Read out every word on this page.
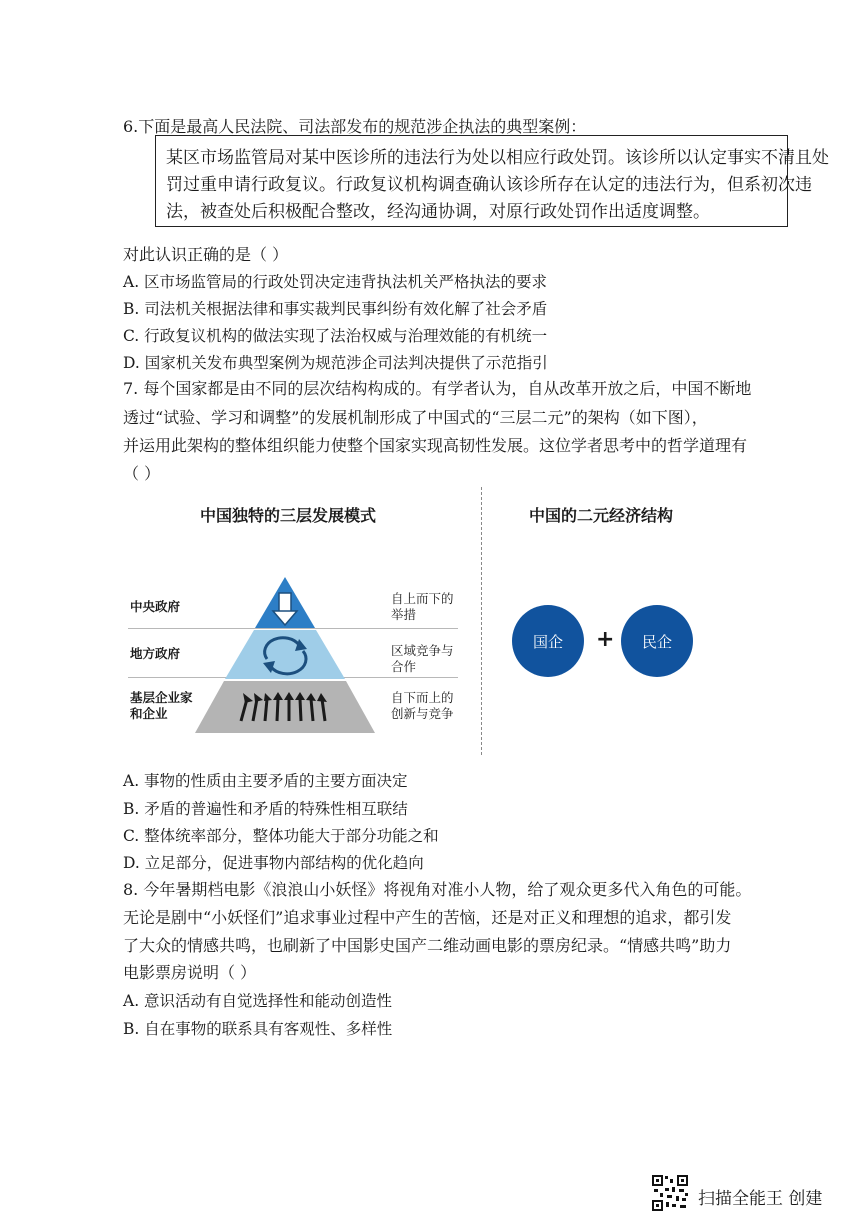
6.下面是最高人民法院、司法部发布的规范涉企执法的典型案例：
某区市场监管局对某中医诊所的违法行为处以相应行政处罚。该诊所以认定事实不清且处
罚过重申请行政复议。行政复议机构调查确认该诊所存在认定的违法行为，但系初次违
法，被查处后积极配合整改，经沟通协调，对原行政处罚作出适度调整。
对此认识正确的是（ ）
A. 区市场监管局的行政处罚决定违背执法机关严格执法的要求
B. 司法机关根据法律和事实裁判民事纠纷有效化解了社会矛盾
C. 行政复议机构的做法实现了法治权威与治理效能的有机统一
D. 国家机关发布典型案例为规范涉企司法判决提供了示范指引
7. 每个国家都是由不同的层次结构构成的。有学者认为，自从改革开放之后，中国不断地
透过“试验、学习和调整”的发展机制形成了中国式的“三层二元”的架构（如下图），
并运用此架构的整体组织能力使整个国家实现高韧性发展。这位学者思考中的哲学道理有
（ ）
中国独特的三层发展模式	中国的二元经济结构
中央政府
地方政府
基层企业家和企业
自上而下的举措
区域竞争与合作
自下而上的创新与竞争
国企	+	民企
A. 事物的性质由主要矛盾的主要方面决定
B. 矛盾的普遍性和矛盾的特殊性相互联结
C. 整体统率部分，整体功能大于部分功能之和
D. 立足部分，促进事物内部结构的优化趋向
8. 今年暑期档电影《浪浪山小妖怪》将视角对准小人物，给了观众更多代入角色的可能。
无论是剧中“小妖怪们”追求事业过程中产生的苦恼，还是对正义和理想的追求，都引发
了大众的情感共鸣，也刷新了中国影史国产二维动画电影的票房纪录。“情感共鸣”助力
电影票房说明（ ）
A. 意识活动有自觉选择性和能动创造性
B. 自在事物的联系具有客观性、多样性
扫描全能王 创建
